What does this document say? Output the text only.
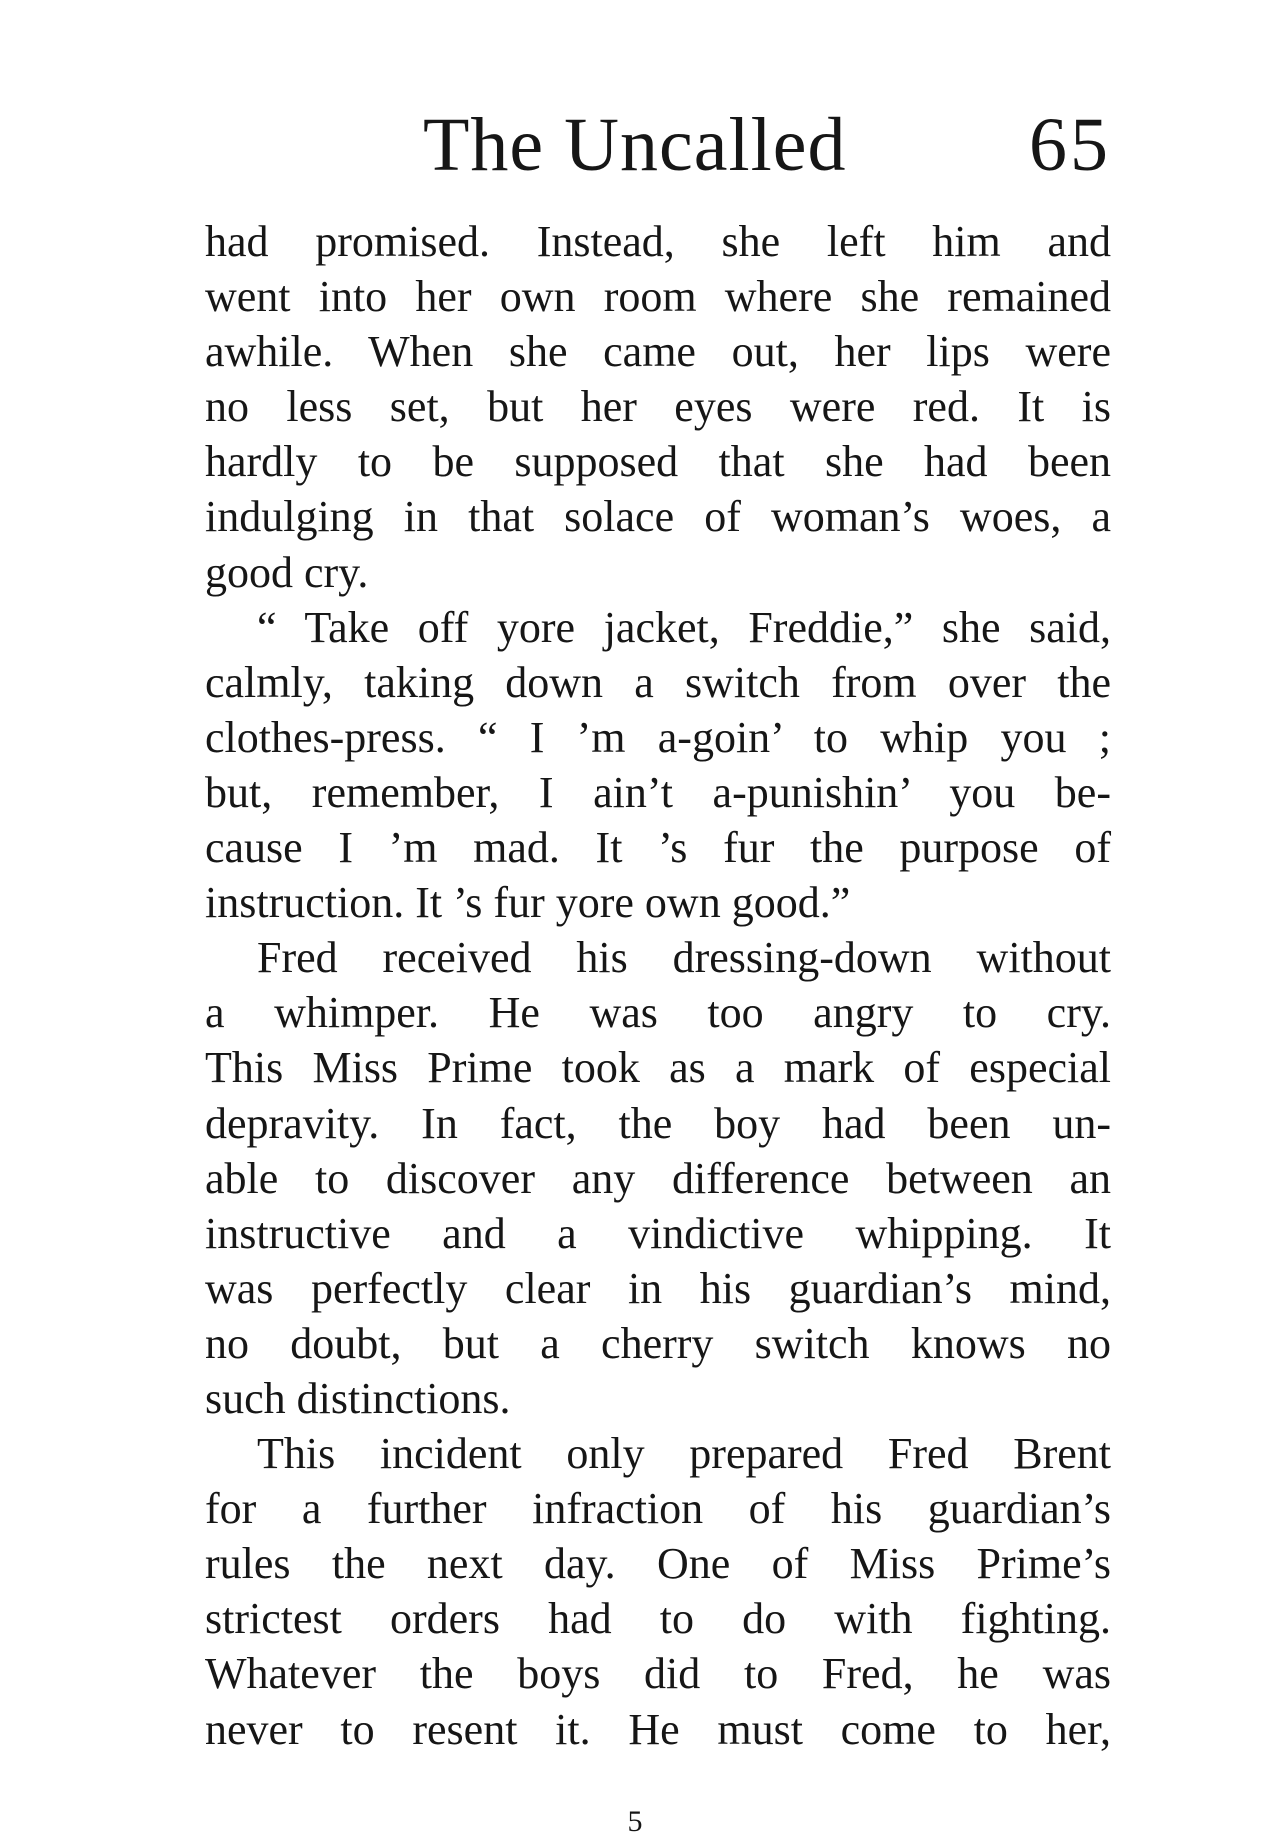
The Uncalled 65
had promised. Instead, she left him and
went into her own room where she remained
awhile. When she came out, her lips were
no less set, but her eyes were red. It is
hardly to be supposed that she had been
indulging in that solace of woman’s woes, a
good cry.
“ Take off yore jacket, Freddie,” she said,
calmly, taking down a switch from over the
clothes-press. “ I ’m a-goin’ to whip you ;
but, remember, I ain’t a-punishin’ you be-
cause I ’m mad. It ’s fur the purpose of
instruction. It ’s fur yore own good.”
Fred received his dressing-down without
a whimper. He was too angry to cry.
This Miss Prime took as a mark of especial
depravity. In fact, the boy had been un-
able to discover any difference between an
instructive and a vindictive whipping. It
was perfectly clear in his guardian’s mind,
no doubt, but a cherry switch knows no
such distinctions.
This incident only prepared Fred Brent
for a further infraction of his guardian’s
rules the next day. One of Miss Prime’s
strictest orders had to do with fighting.
Whatever the boys did to Fred, he was
never to resent it. He must come to her,
5
